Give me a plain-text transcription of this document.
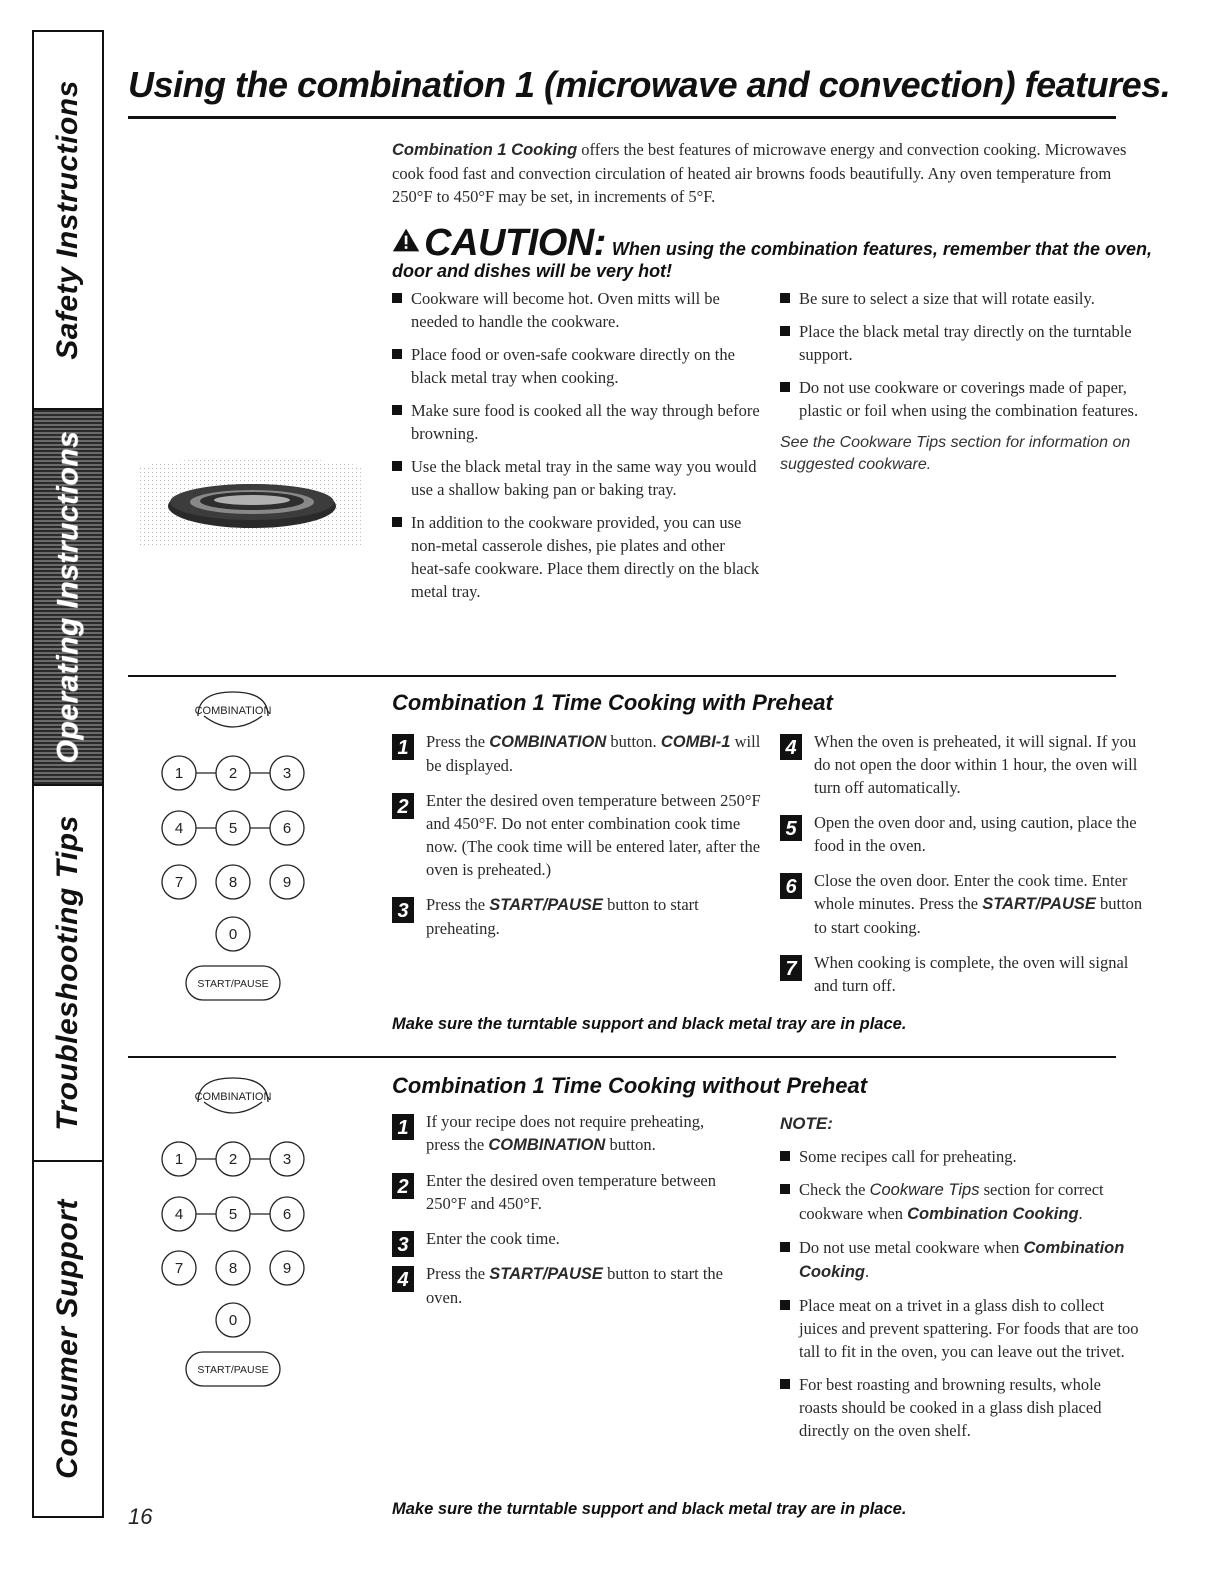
Safety Instructions
Operating Instructions
Troubleshooting Tips
Consumer Support
Using the combination 1 (microwave and convection) features.
Combination 1 Cooking offers the best features of microwave energy and convection cooking. Microwaves cook food fast and convection circulation of heated air browns foods beautifully. Any oven temperature from 250°F to 450°F may be set, in increments of 5°F.
CAUTION: When using the combination features, remember that the oven,
door and dishes will be very hot!
Cookware will become hot. Oven mitts will be needed to handle the cookware.
Place food or oven-safe cookware directly on the black metal tray when cooking.
Make sure food is cooked all the way through before browning.
Use the black metal tray in the same way you would use a shallow baking pan or baking tray.
In addition to the cookware provided, you can use non-metal casserole dishes, pie plates and other heat-safe cookware. Place them directly on the black metal tray.
Be sure to select a size that will rotate easily.
Place the black metal tray directly on the turntable support.
Do not use cookware or coverings made of paper, plastic or foil when using the combination features.
See the Cookware Tips section for information on suggested cookware.
COMBINATION
1	2	3
4	5	6
7	8	9
0
START/PAUSE
Combination 1 Time Cooking with Preheat
1	Press the COMBINATION button. COMBI-1 will be displayed.
2	Enter the desired oven temperature between 250°F and 450°F. Do not enter combination cook time now. (The cook time will be entered later, after the oven is preheated.)
3	Press the START/PAUSE button to start preheating.
4	When the oven is preheated, it will signal. If you do not open the door within 1 hour, the oven will turn off automatically.
5	Open the oven door and, using caution, place the food in the oven.
6	Close the oven door. Enter the cook time. Enter whole minutes. Press the START/PAUSE button to start cooking.
7	When cooking is complete, the oven will signal and turn off.
Make sure the turntable support and black metal tray are in place.
COMBINATION
1	2	3
4	5	6
7	8	9
0
START/PAUSE
Combination 1 Time Cooking without Preheat
1	If your recipe does not require preheating, press the COMBINATION button.
2	Enter the desired oven temperature between 250°F and 450°F.
3	Enter the cook time.
4	Press the START/PAUSE button to start the oven.
NOTE:
Some recipes call for preheating.
Check the Cookware Tips section for correct cookware when Combination Cooking.
Do not use metal cookware when Combination Cooking.
Place meat on a trivet in a glass dish to collect juices and prevent spattering. For foods that are too tall to fit in the oven, you can leave out the trivet.
For best roasting and browning results, whole roasts should be cooked in a glass dish placed directly on the oven shelf.
Make sure the turntable support and black metal tray are in place.
16
